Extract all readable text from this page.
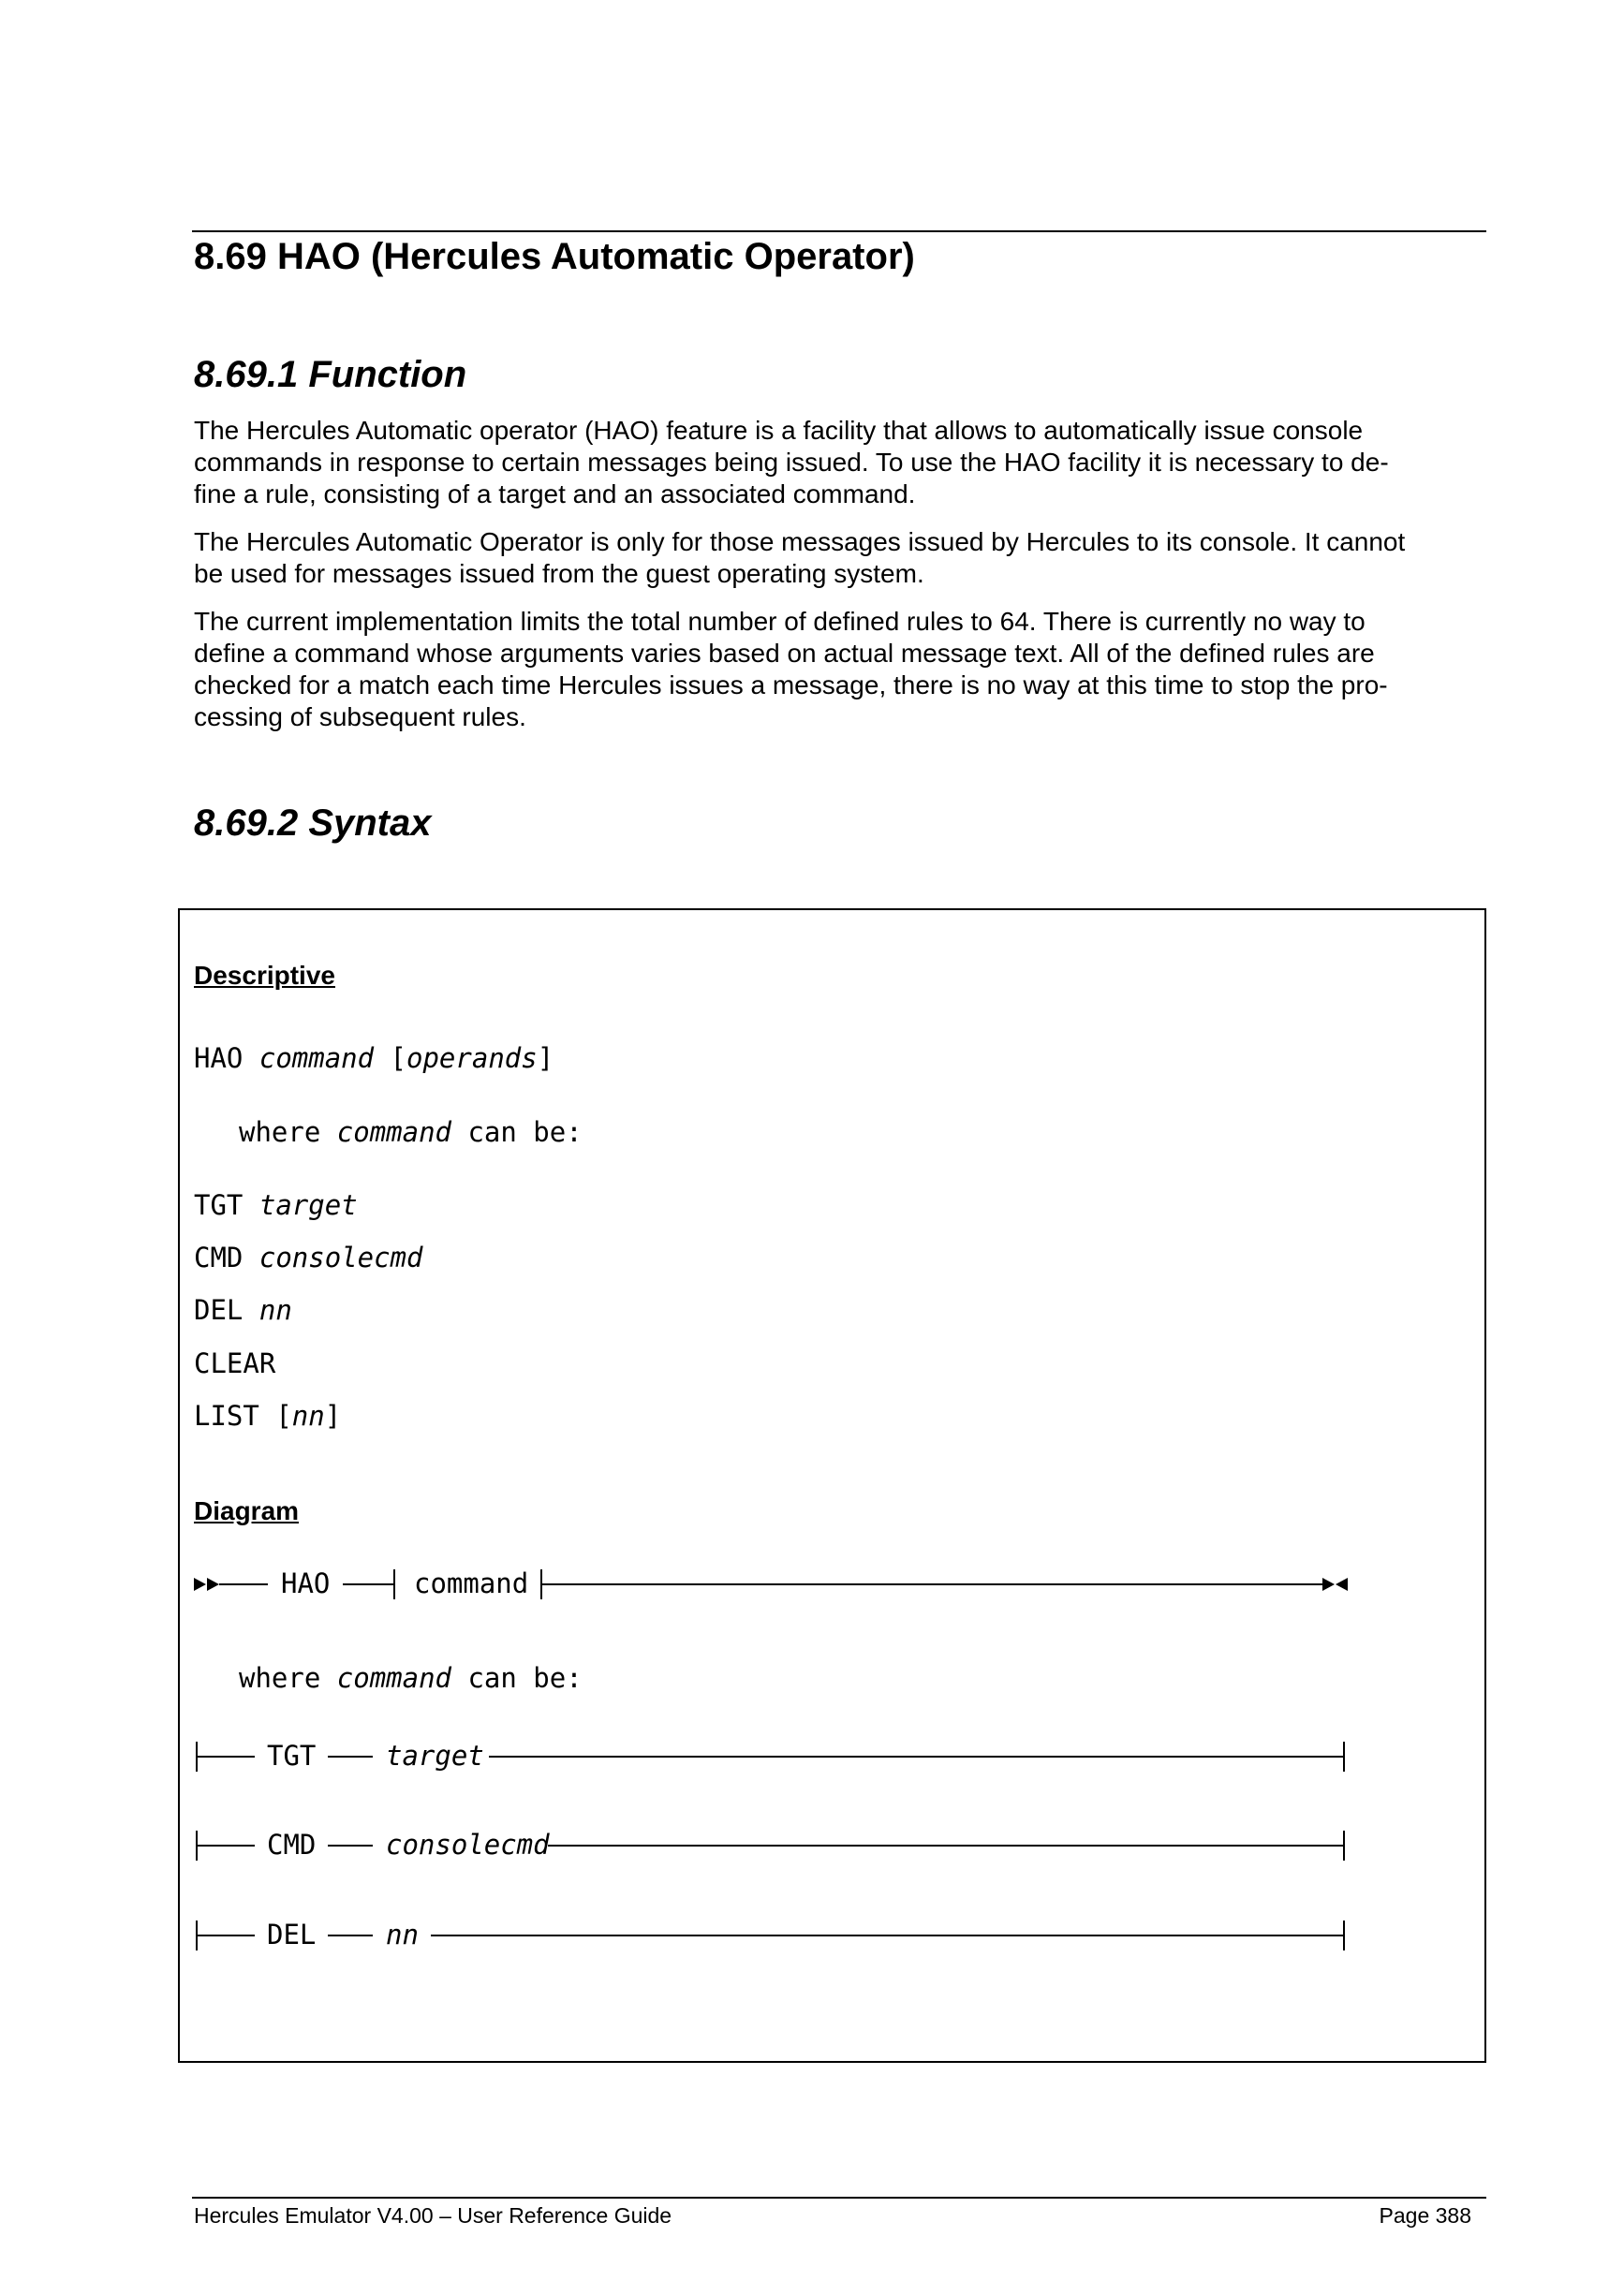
8.69 HAO (Hercules Automatic Operator)
8.69.1 Function
The Hercules Automatic operator (HAO) feature is a facility that allows to automatically issue console
commands in response to certain messages being issued. To use the HAO facility it is necessary to de-
fine a rule, consisting of a target and an associated command.
The Hercules Automatic Operator is only for those messages issued by Hercules to its console. It cannot
be used for messages issued from the guest operating system.
The current implementation limits the total number of defined rules to 64. There is currently no way to
define a command whose arguments varies based on actual message text. All of the defined rules are
checked for a match each time Hercules issues a message, there is no way at this time to stop the pro-
cessing of subsequent rules.
8.69.2 Syntax
Descriptive
HAO command [operands]
where command can be:
TGT target
CMD consolecmd
DEL nn
CLEAR
LIST [nn]
Diagram
HAO	command
where command can be:
TGT	target
CMD	consolecmd
DEL	nn
Hercules Emulator V4.00 – User Reference Guide	Page 388
